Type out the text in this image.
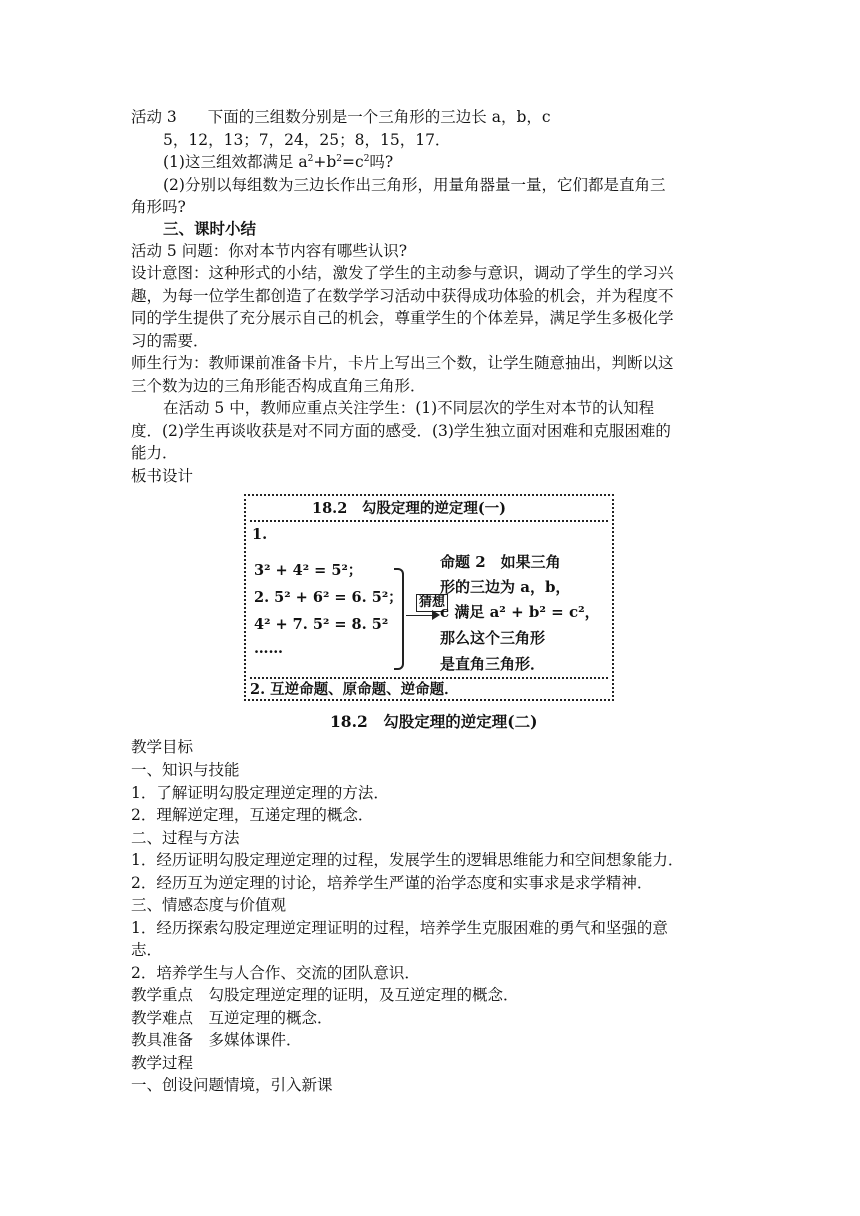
活动 3　　下面的三组数分别是一个三角形的三边长 a，b，c
5，12，13；7，24，25；8，15，17．
(1)这三组效都满足 $a^2+b^2=c^2$吗?
(2)分别以每组数为三边长作出三角形，用量角器量一量，它们都是直角三
角形吗?
三、课时小结
活动 5 问题：你对本节内容有哪些认识?
设计意图：这种形式的小结，激发了学生的主动参与意识，调动了学生的学习兴
趣，为每一位学生都创造了在数学学习活动中获得成功体验的机会，并为程度不
同的学生提供了充分展示自己的机会，尊重学生的个体差异，满足学生多极化学
习的需要．
师生行为：教师课前准备卡片，卡片上写出三个数，让学生随意抽出，判断以这
三个数为边的三角形能否构成直角三角形．
在活动 5 中，教师应重点关注学生：(1)不同层次的学生对本节的认知程
度．(2)学生再谈收获是对不同方面的感受．(3)学生独立面对困难和克服困难的
能力．
板书设计
18.2　勾股定理的逆定理(一)
1.
3² + 4² = 5²；
2. 5² + 6² = 6. 5²；
4² + 7. 5² = 8. 5²
……
猜想
命题 2　如果三角
形的三边为 a，b，
c 满足 a² + b² = c²，
那么这个三角形
是直角三角形．
2. 互逆命题、原命题、逆命题．
18.2　勾股定理的逆定理(二)
教学目标
一、知识与技能
1．了解证明勾股定理逆定理的方法．
2．理解逆定理，互递定理的概念．
二、过程与方法
1．经历证明勾股定理逆定理的过程，发展学生的逻辑思维能力和空间想象能力．
2．经历互为逆定理的讨论，培养学生严谨的治学态度和实事求是求学精神．
三、情感态度与价值观
1．经历探索勾股定理逆定理证明的过程，培养学生克服困难的勇气和坚强的意
志．
2．培养学生与人合作、交流的团队意识．
教学重点　勾股定理逆定理的证明，及互逆定理的概念．
教学难点　互逆定理的概念．
教具准备　多媒体课件．
教学过程
一、创设问题情境，引入新课
